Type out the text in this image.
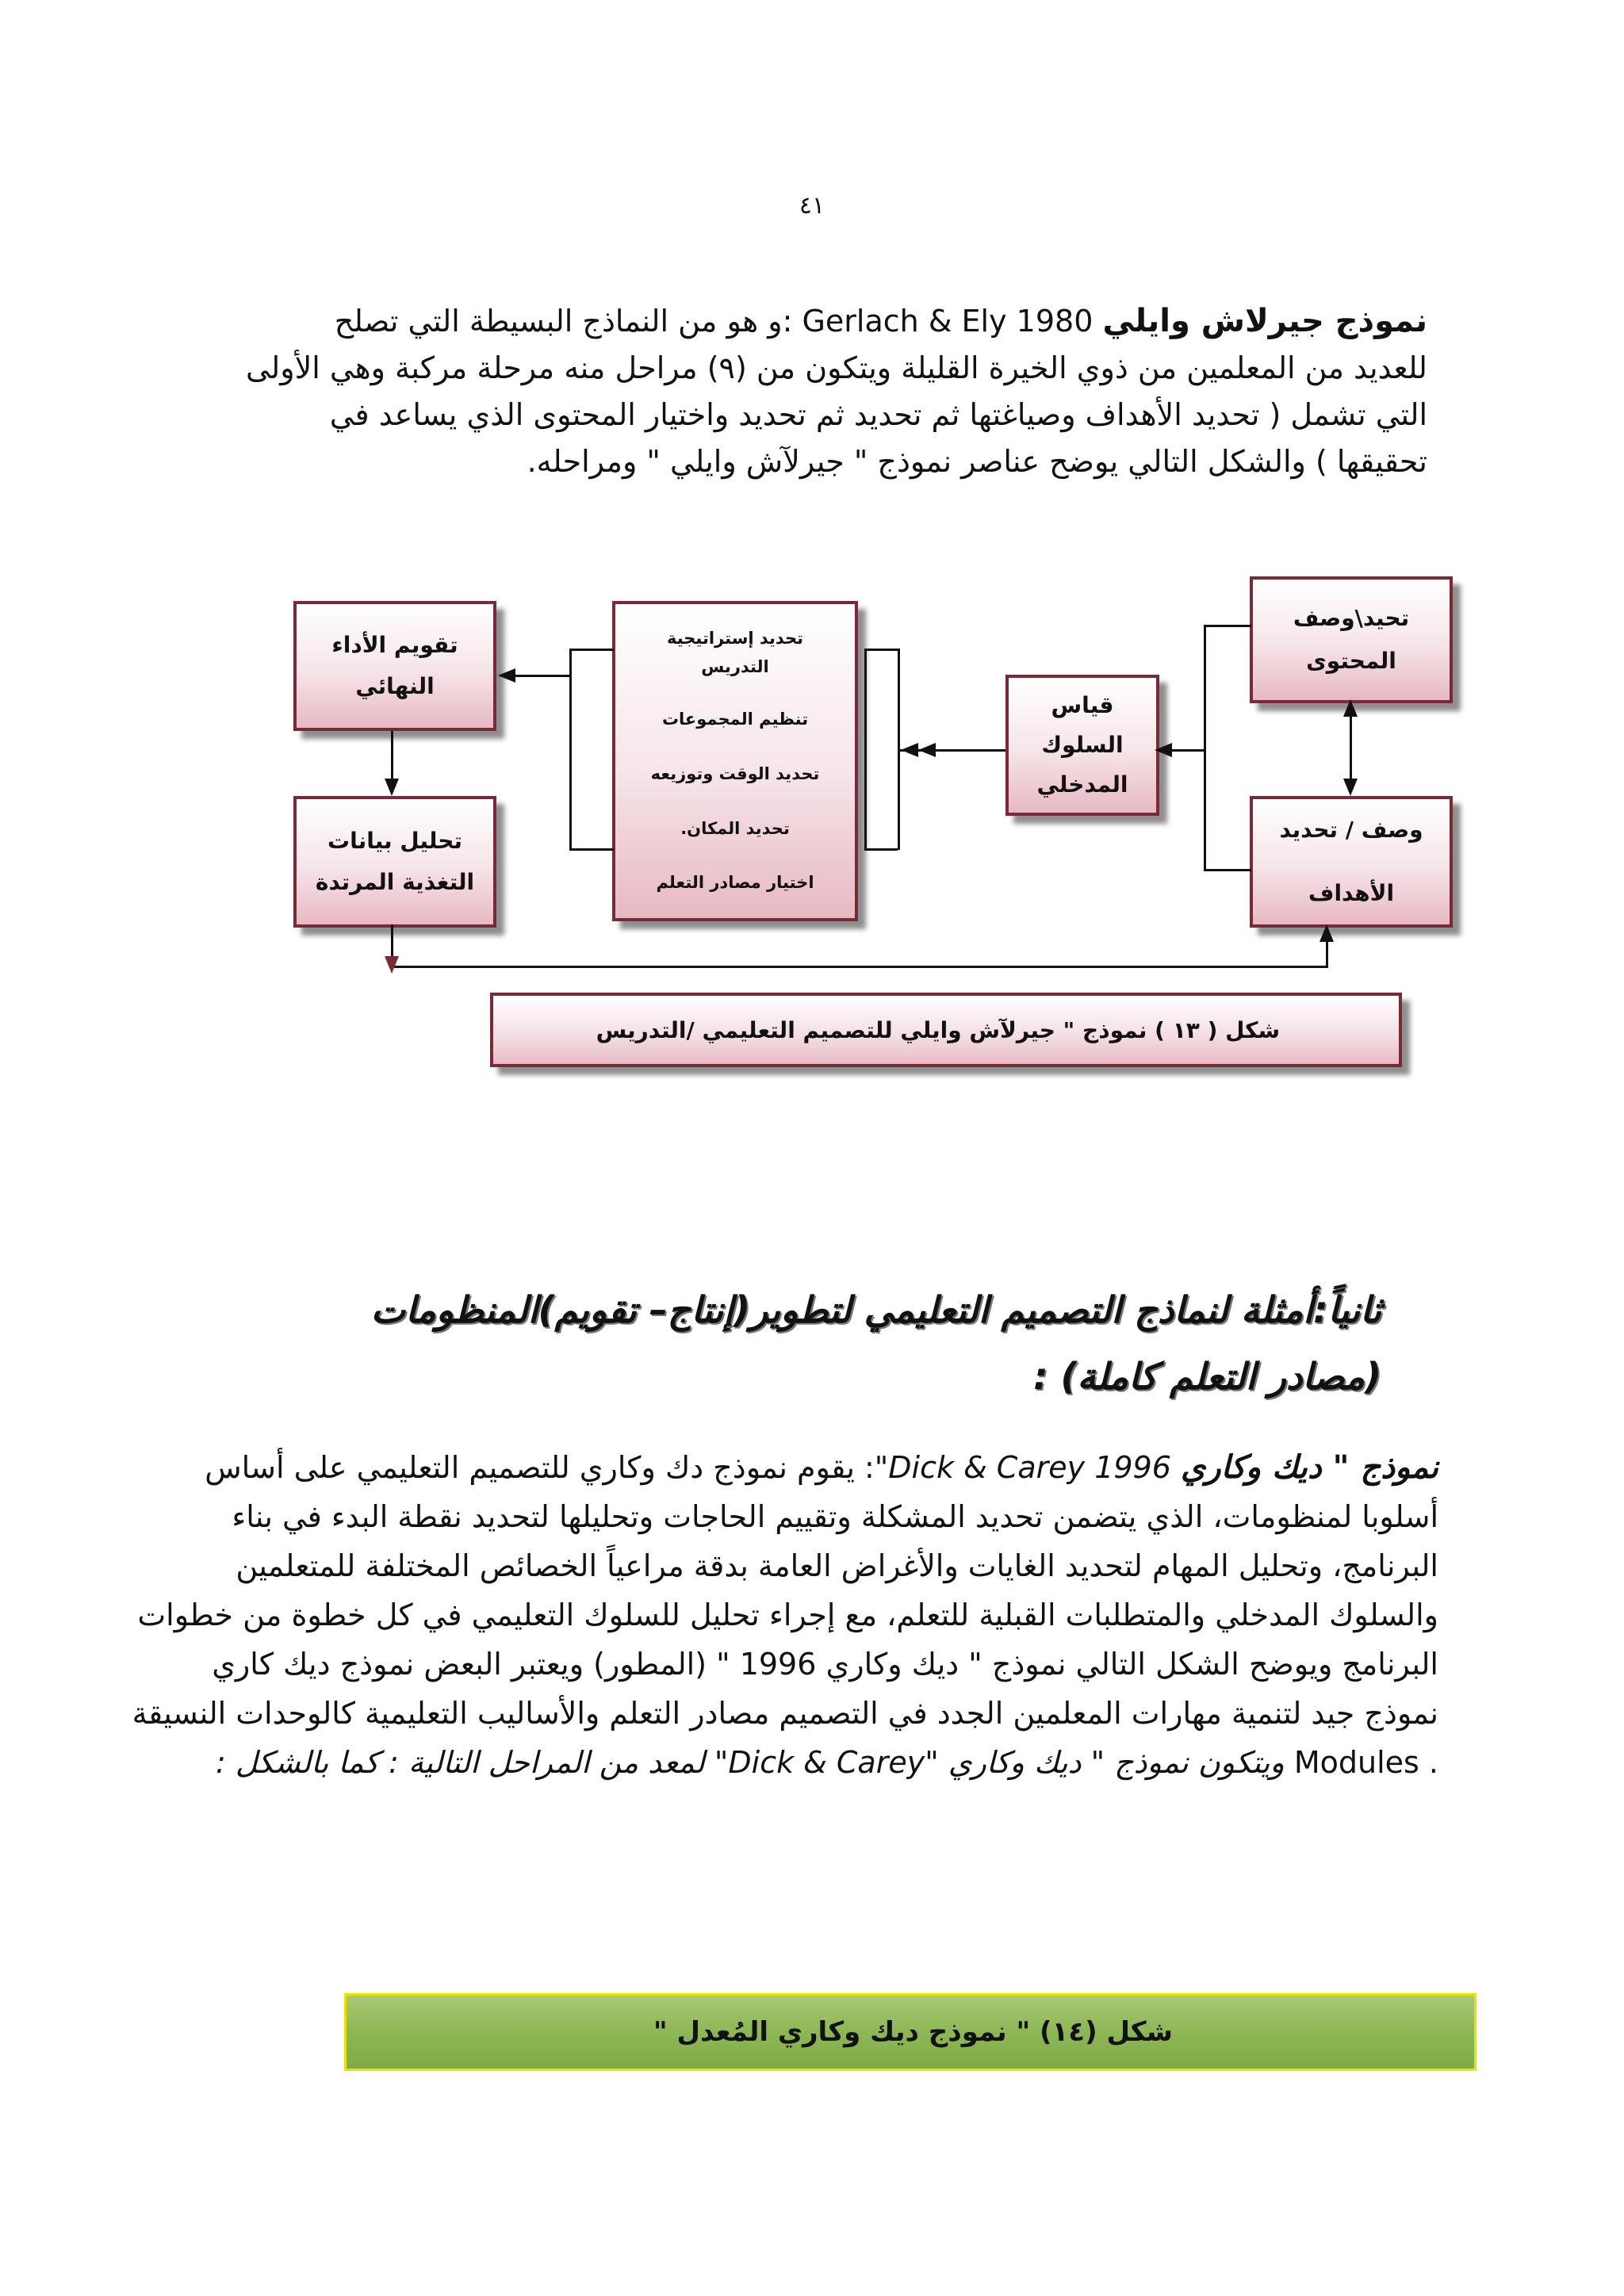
٤١
نموذج جيرلاش وايلي Gerlach & Ely 1980 :و هو من النماذج البسيطة التي تصلح
للعديد من المعلمين من ذوي الخيرة القليلة ويتكون من (٩) مراحل منه مرحلة مركبة وهي الأولى
التي تشمل ( تحديد الأهداف وصياغتها ثم تحديد ثم تحديد واختيار المحتوى الذي يساعد في
تحقيقها ) والشكل التالي يوضح عناصر نموذج " جيرلآش وايلي " ومراحله.
تحيد\وصف
المحتوى
وصف / تحديد
الأهداف
قياس
السلوك
المدخلي
تحديد إستراتيجية
التدريس
تنظيم المجموعات
تحديد الوقت وتوزيعه
تحديد المكان.
اختيار مصادر التعلم
تقويم الأداء
النهائي
تحليل بيانات
التغذية المرتدة
شكل ( ١٣ ) نموذج " جيرلآش وايلي للتصميم التعليمي /التدريس
ثانياً:أمثلة لنماذج التصميم التعليمي لتطوير(إنتاج– تقويم)المنظومات
(مصادر التعلم كاملة) :
نموذج " ديك وكاري Dick & Carey 1996": يقوم نموذج دك وكاري للتصميم التعليمي على أساس
أسلوبا لمنظومات، الذي يتضمن تحديد المشكلة وتقييم الحاجات وتحليلها لتحديد نقطة البدء في بناء
البرنامج، وتحليل المهام لتحديد الغايات والأغراض العامة بدقة مراعياً الخصائص المختلفة للمتعلمين
والسلوك المدخلي والمتطلبات القبلية للتعلم، مع إجراء تحليل للسلوك التعليمي في كل خطوة من خطوات
البرنامج ويوضح الشكل التالي نموذج " ديك وكاري 1996 " (المطور) ويعتبر البعض نموذج ديك كاري
نموذج جيد لتنمية مهارات المعلمين الجدد في التصميم مصادر التعلم والأساليب التعليمية كالوحدات النسيقة
Modules . ويتكون نموذج " ديك وكاري "Dick & Carey" لمعد من المراحل التالية : كما بالشكل :
شكل (١٤) " نموذج ديك وكاري المُعدل "
